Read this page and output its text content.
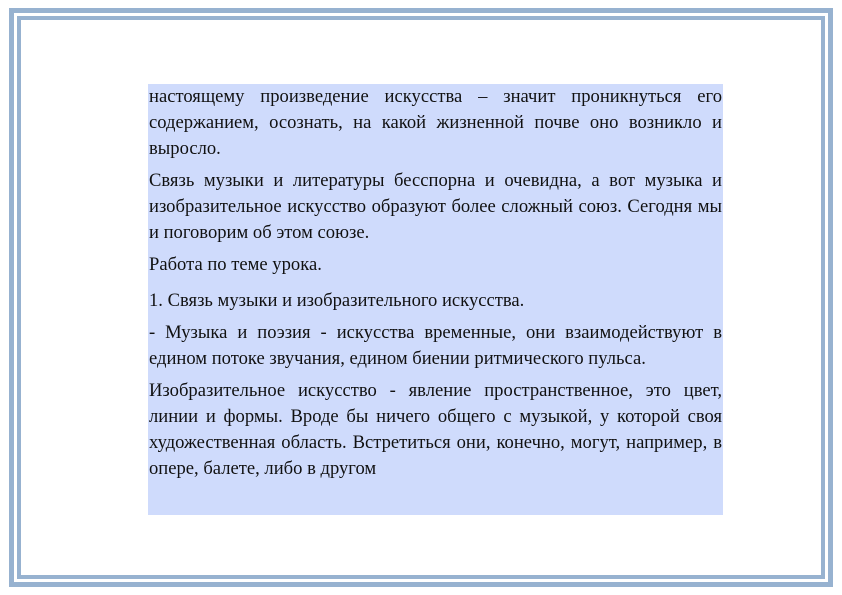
настоящему произведение искусства – значит проникнуться его содержанием, осознать, на какой жизненной почве оно возникло и выросло.

Связь музыки и литературы бесспорна и очевидна, а вот музыка и изобразительное искусство образуют более сложный союз. Сегодня мы и поговорим об этом союзе.

Работа по теме урока.

1. Связь музыки и изобразительного искусства.

- Музыка и поэзия - искусства временные, они взаимодействуют в едином потоке звучания, едином биении ритмического пульса.

Изобразительное искусство - явление пространственное, это цвет, линии и формы. Вроде бы ничего общего с музыкой, у которой своя художественная область. Встретиться они, конечно, могут, например, в опере, балете, либо в другом
